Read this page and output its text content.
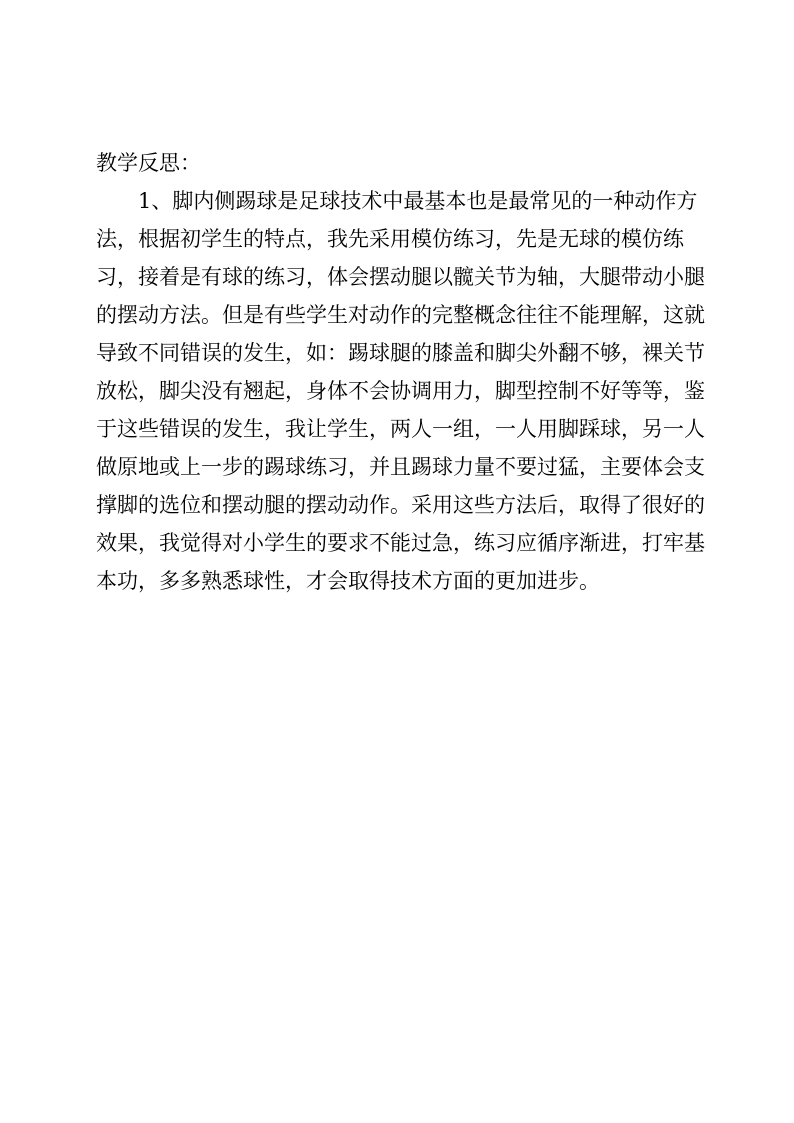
教学反思：
1、脚内侧踢球是足球技术中最基本也是最常见的一种动作方
法，根据初学生的特点，我先采用模仿练习，先是无球的模仿练
习，接着是有球的练习，体会摆动腿以髋关节为轴，大腿带动小腿
的摆动方法。但是有些学生对动作的完整概念往往不能理解，这就
导致不同错误的发生，如：踢球腿的膝盖和脚尖外翻不够，裸关节
放松，脚尖没有翘起，身体不会协调用力，脚型控制不好等等，鉴
于这些错误的发生，我让学生，两人一组，一人用脚踩球，另一人
做原地或上一步的踢球练习，并且踢球力量不要过猛，主要体会支
撑脚的选位和摆动腿的摆动动作。采用这些方法后，取得了很好的
效果，我觉得对小学生的要求不能过急，练习应循序渐进，打牢基
本功，多多熟悉球性，才会取得技术方面的更加进步。
